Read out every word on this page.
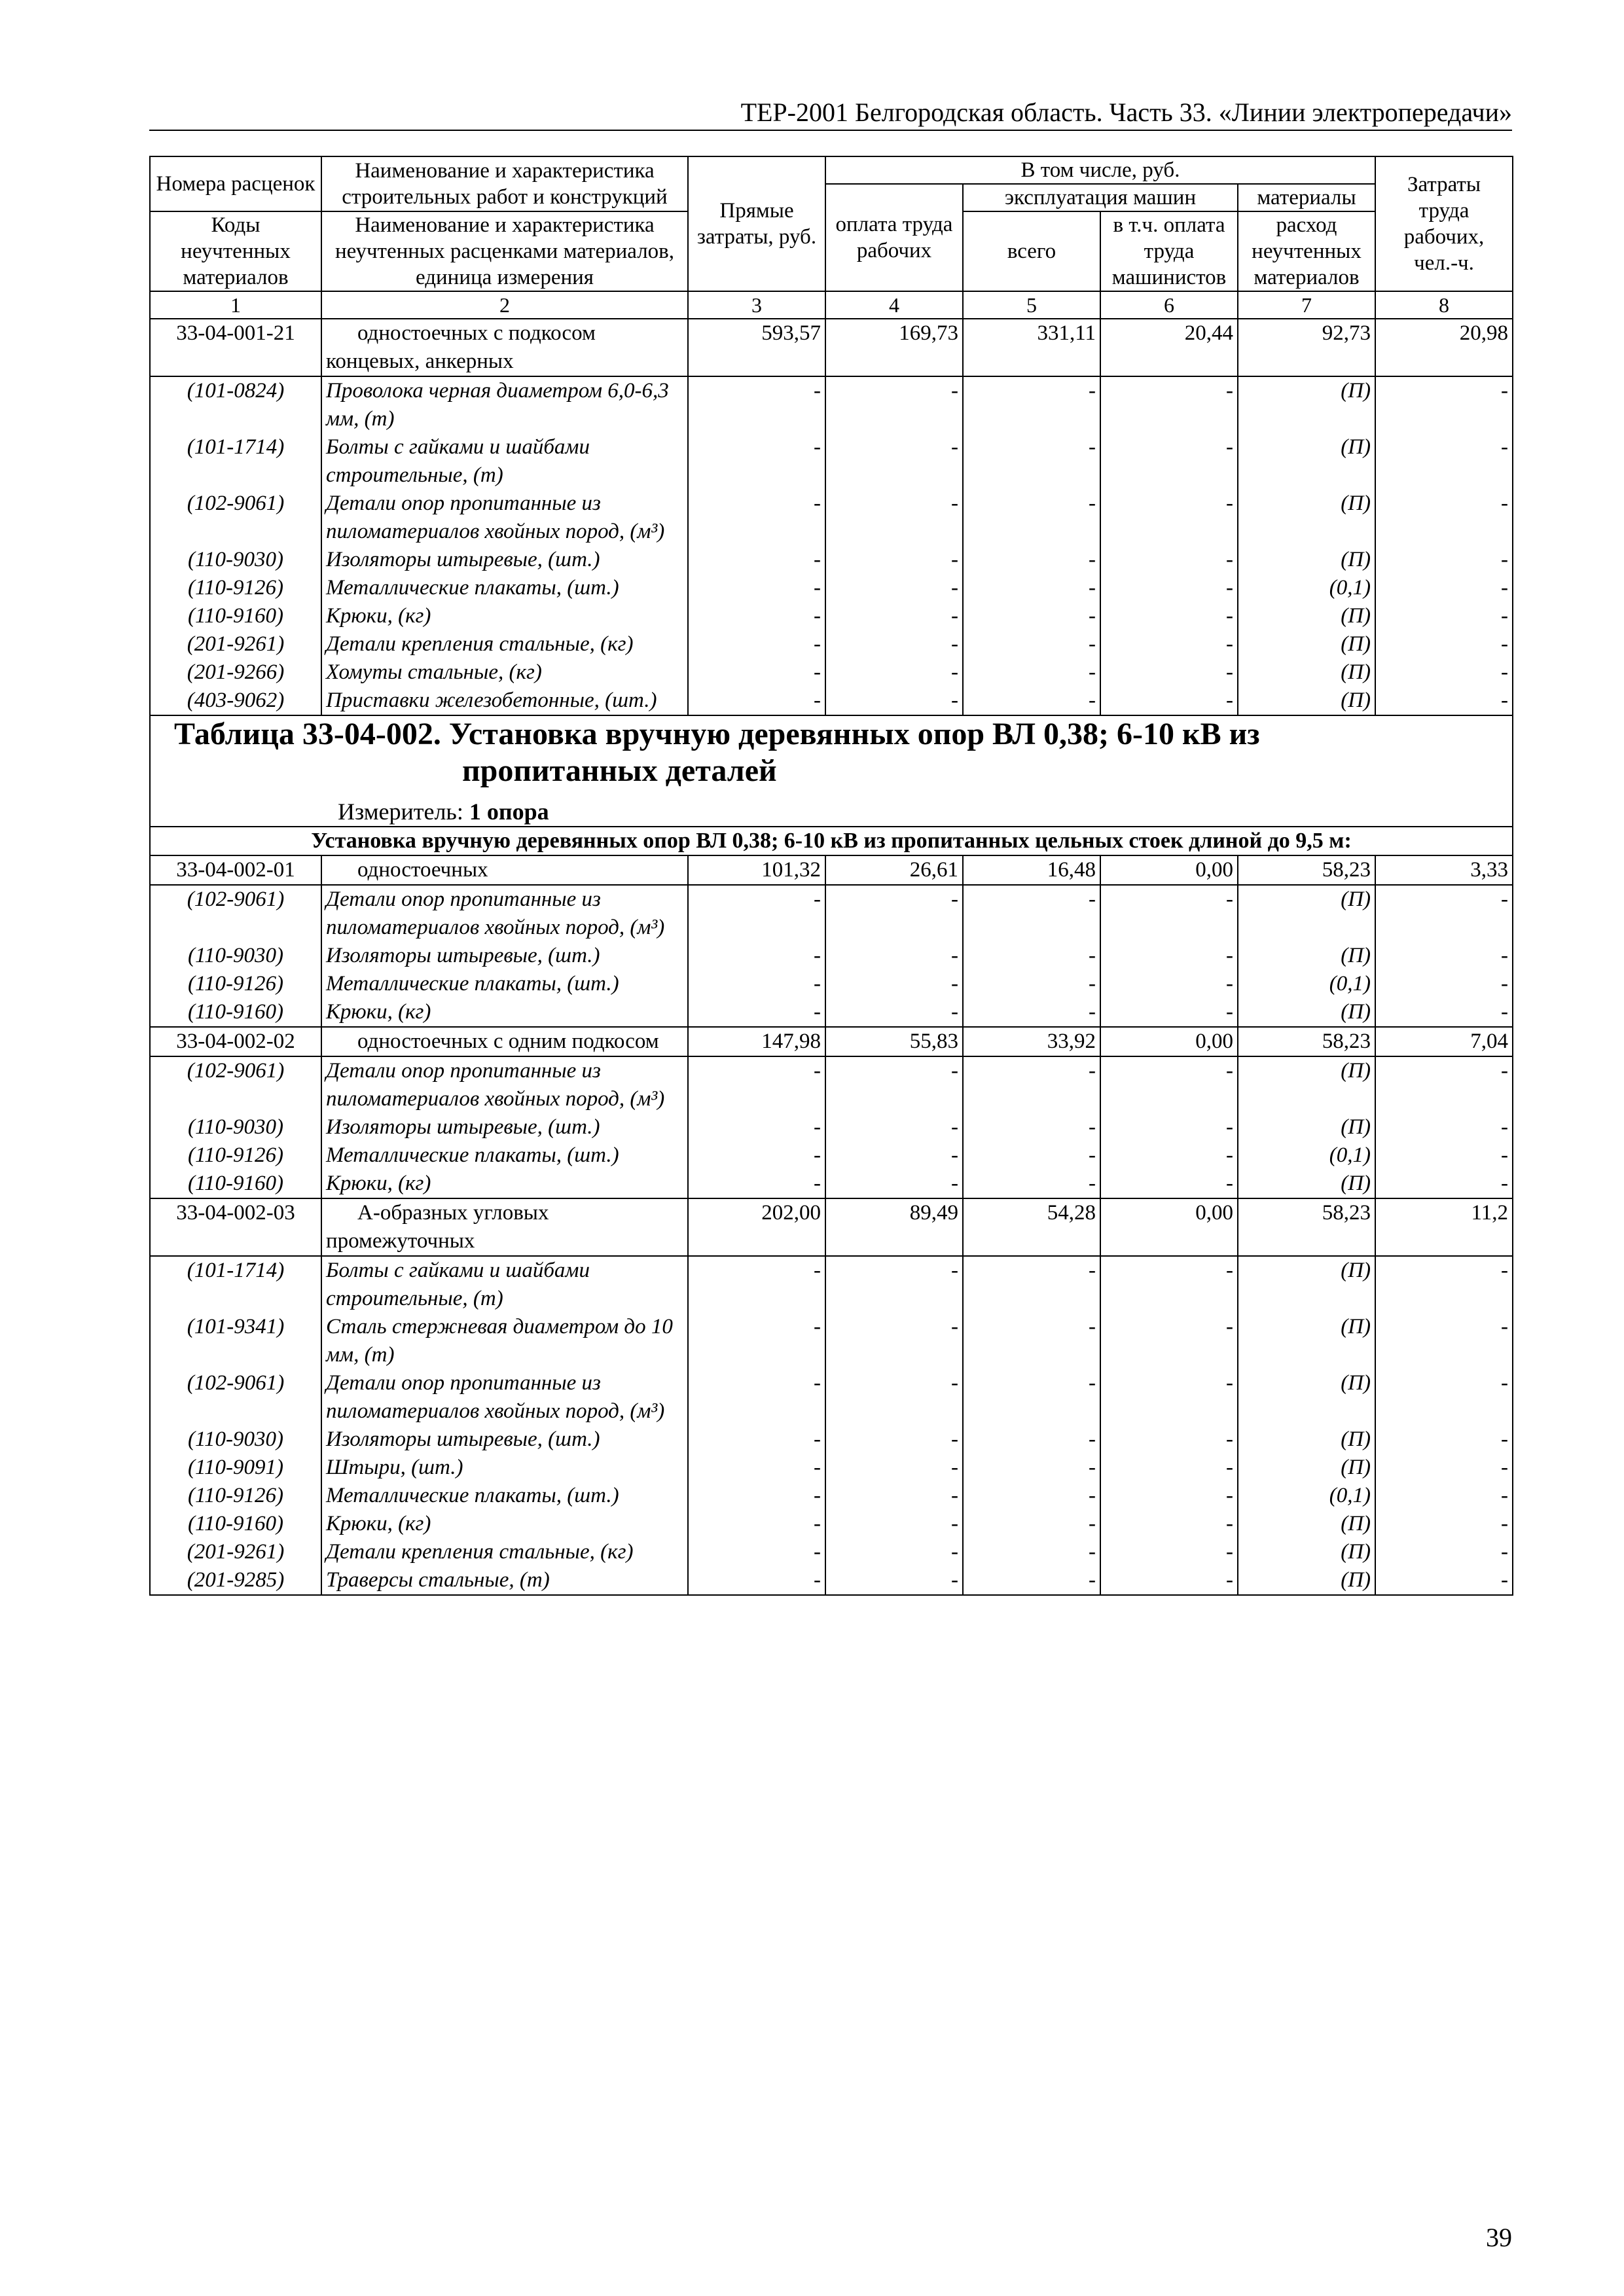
ТЕР-2001 Белгородская область. Часть 33. «Линии электропередачи»
Номера расценок	Наименование и характеристика строительных работ и конструкций	Прямые затраты, руб.	В том числе, руб.				Затраты труда рабочих, чел.-ч.
			оплата труда рабочих	эксплуатация машин		материалы	
Коды неучтенных материалов	Наименование и характеристика неучтенных расценками материалов, единица измерения			всего	в т.ч. оплата труда машинистов	расход неучтенных материалов	

1	2	3	4	5	6	7	8
33-04-001-21	одностоечных с подкосом концевых, анкерных	593,57	169,73	331,11	20,44	92,73	20,98
(101-0824)	Проволока черная диаметром 6,0-6,3 мм, (т)	-	-	-	-	(П)	-
(101-1714)	Болты с гайками и шайбами строительные, (т)	-	-	-	-	(П)	-
(102-9061)	Детали опор пропитанные из пиломатериалов хвойных пород, (м³)	-	-	-	-	(П)	-
(110-9030)	Изоляторы штыревые, (шт.)	-	-	-	-	(П)	-
(110-9126)	Металлические плакаты, (шт.)	-	-	-	-	(0,1)	-
(110-9160)	Крюки, (кг)	-	-	-	-	(П)	-
(201-9261)	Детали крепления стальные, (кг)	-	-	-	-	(П)	-
(201-9266)	Хомуты стальные, (кг)	-	-	-	-	(П)	-
(403-9062)	Приставки железобетонные, (шт.)	-	-	-	-	(П)	-

Таблица 33-04-002. Установка вручную деревянных опор ВЛ 0,38; 6-10 кВ из
пропитанных деталей
Измеритель: 1 опора							

Установка вручную деревянных опор ВЛ 0,38; 6-10 кВ из пропитанных цельных стоек длиной до 9,5 м:							
33-04-002-01	одностоечных	101,32	26,61	16,48	0,00	58,23	3,33
(102-9061)	Детали опор пропитанные из пиломатериалов хвойных пород, (м³)	-	-	-	-	(П)	-
(110-9030)	Изоляторы штыревые, (шт.)	-	-	-	-	(П)	-
(110-9126)	Металлические плакаты, (шт.)	-	-	-	-	(0,1)	-
(110-9160)	Крюки, (кг)	-	-	-	-	(П)	-
33-04-002-02	одностоечных с одним подкосом	147,98	55,83	33,92	0,00	58,23	7,04
(102-9061)	Детали опор пропитанные из пиломатериалов хвойных пород, (м³)	-	-	-	-	(П)	-
(110-9030)	Изоляторы штыревые, (шт.)	-	-	-	-	(П)	-
(110-9126)	Металлические плакаты, (шт.)	-	-	-	-	(0,1)	-
(110-9160)	Крюки, (кг)	-	-	-	-	(П)	-
33-04-002-03	А-образных угловых промежуточных	202,00	89,49	54,28	0,00	58,23	11,2
(101-1714)	Болты с гайками и шайбами строительные, (т)	-	-	-	-	(П)	-
(101-9341)	Сталь стержневая диаметром до 10 мм, (т)	-	-	-	-	(П)	-
(102-9061)	Детали опор пропитанные из пиломатериалов хвойных пород, (м³)	-	-	-	-	(П)	-
(110-9030)	Изоляторы штыревые, (шт.)	-	-	-	-	(П)	-
(110-9091)	Штыри, (шт.)	-	-	-	-	(П)	-
(110-9126)	Металлические плакаты, (шт.)	-	-	-	-	(0,1)	-
(110-9160)	Крюки, (кг)	-	-	-	-	(П)	-
(201-9261)	Детали крепления стальные, (кг)	-	-	-	-	(П)	-
(201-9285)	Траверсы стальные, (т)	-	-	-	-	(П)	-
39
